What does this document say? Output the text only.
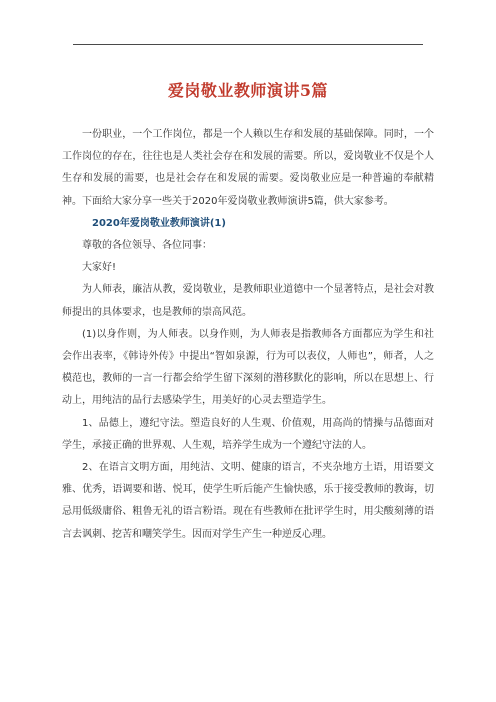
爱岗敬业教师演讲5篇

一份职业，一个工作岗位，都是一个人赖以生存和发展的基础保障。同时，一个工作岗位的存在，往往也是人类社会存在和发展的需要。所以，爱岗敬业不仅是个人生存和发展的需要，也是社会存在和发展的需要。爱岗敬业应是一种普遍的奉献精神。下面给大家分享一些关于2020年爱岗敬业教师演讲5篇，供大家参考。

2020年爱岗敬业教师演讲(1)

尊敬的各位领导、各位同事：

大家好!

为人师表，廉洁从教，爱岗敬业，是教师职业道德中一个显著特点，是社会对教师提出的具体要求，也是教师的崇高风范。

(1)以身作则，为人师表。以身作则，为人师表是指教师各方面都应为学生和社会作出表率，《韩诗外传》中提出“智如泉源，行为可以表仪，人师也”，师者，人之模范也，教师的一言一行都会给学生留下深刻的潜移默化的影响，所以在思想上、行动上，用纯洁的品行去感染学生，用美好的心灵去塑造学生。

1、品德上，遵纪守法。塑造良好的人生观、价值观，用高尚的情操与品德面对学生，承接正确的世界观、人生观，培养学生成为一个遵纪守法的人。

2、在语言文明方面，用纯洁、文明、健康的语言，不夹杂地方土语，用语要文雅、优秀，语调要和谐、悦耳，使学生听后能产生愉快感，乐于接受教师的教诲，切忌用低级庸俗、粗鲁无礼的语言粉语。现在有些教师在批评学生时，用尖酸刻薄的语言去讽刺、挖苦和嘲笑学生。因而对学生产生一种逆反心理。
